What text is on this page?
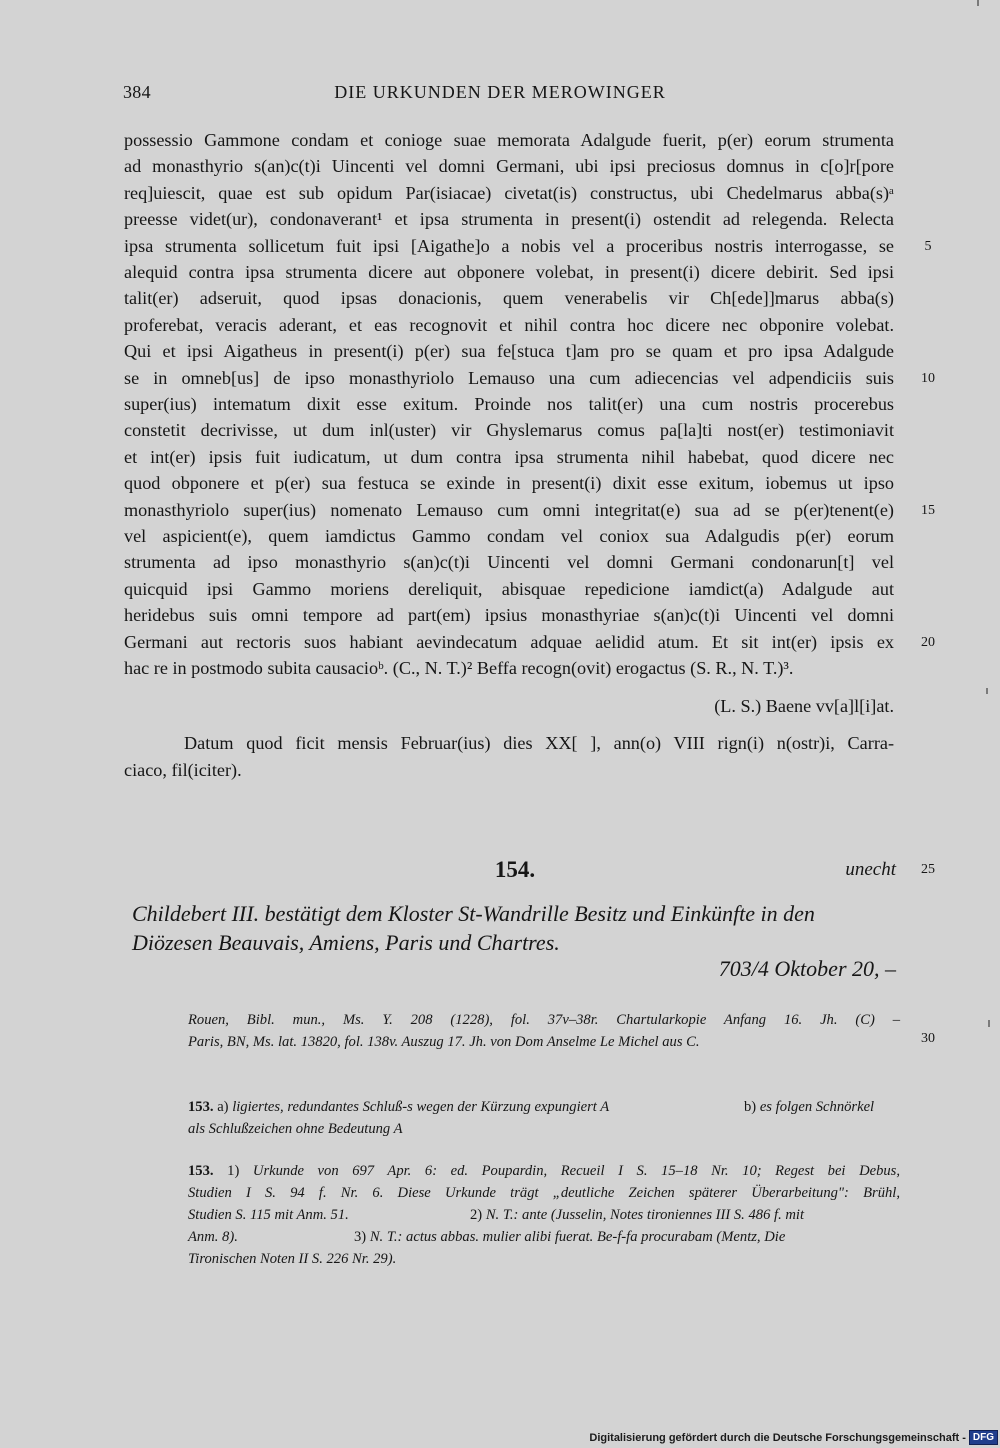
384	DIE URKUNDEN DER MEROWINGER
possessio Gammone condam et conioge suae memorata Adalgude fuerit, p(er) eorum strumenta
ad monasthyrio s(an)c(t)i Uincenti vel domni Germani, ubi ipsi preciosus domnus in c[o]r[pore
req]uiescit, quae est sub opidum Par(isiacae) civetat(is) constructus, ubi Chedelmarus abba(s)ᵃ
preesse videt(ur), condonaverant¹ et ipsa strumenta in present(i) ostendit ad relegenda. Relecta
ipsa strumenta sollicetum fuit ipsi [Aigathe]o a nobis vel a proceribus nostris interrogasse, se
alequid contra ipsa strumenta dicere aut obponere volebat, in present(i) dicere debirit. Sed ipsi
talit(er) adseruit, quod ipsas donacionis, quem venerabelis vir Ch[ede]]marus abba(s)
proferebat, veracis aderant, et eas recognovit et nihil contra hoc dicere nec obponire volebat.
Qui et ipsi Aigatheus in present(i) p(er) sua fe[stuca t]am pro se quam et pro ipsa Adalgude
se in omneb[us] de ipso monasthyriolo Lemauso una cum adiecencias vel adpendiciis suis
super(ius) intematum dixit esse exitum. Proinde nos talit(er) una cum nostris procerebus
constetit decrivisse, ut dum inl(uster) vir Ghyslemarus comus pa[la]ti nost(er) testimoniavit
et int(er) ipsis fuit iudicatum, ut dum contra ipsa strumenta nihil habebat, quod dicere nec
quod obponere et p(er) sua festuca se exinde in present(i) dixit esse exitum, iobemus ut ipso
monasthyriolo super(ius) nomenato Lemauso cum omni integritat(e) sua ad se p(er)tenent(e)
vel aspicient(e), quem iamdictus Gammo condam vel coniox sua Adalgudis p(er) eorum
strumenta ad ipso monasthyrio s(an)c(t)i Uincenti vel domni Germani condonarun[t] vel
quicquid ipsi Gammo moriens dereliquit, abisquae repedicione iamdict(a) Adalgude aut
heridebus suis omni tempore ad part(em) ipsius monasthyriae s(an)c(t)i Uincenti vel domni
Germani aut rectoris suos habiant aevindecatum adquae aelidid atum. Et sit int(er) ipsis ex
hac re in postmodo subita causacioᵇ. (C., N. T.)² Beffa recogn(ovit) erogactus (S. R., N. T.)³.
5
10
15
20
25
30
(L. S.) Baene vv[a]l[i]at.
Datum quod ficit mensis Februar(ius) dies XX[ ], ann(o) VIII rign(i) n(ostr)i, Carra-
ciaco, fil(iciter).
154.	unecht
Childebert III. bestätigt dem Kloster St-Wandrille Besitz und Einkünfte in den
Diözesen Beauvais, Amiens, Paris und Chartres.
703/4 Oktober 20, –
Rouen, Bibl. mun., Ms. Y. 208 (1228), fol. 37v–38r. Chartularkopie Anfang 16. Jh. (C) –
Paris, BN, Ms. lat. 13820, fol. 138v. Auszug 17. Jh. von Dom Anselme Le Michel aus C.
153. a) ligiertes, redundantes Schluß-s wegen der Kürzung expungiert A	b) es folgen Schnörkel
als Schlußzeichen ohne Bedeutung A
153. 1) Urkunde von 697 Apr. 6: ed. Poupardin, Recueil I S. 15–18 Nr. 10; Regest bei Debus,
Studien I S. 94 f. Nr. 6. Diese Urkunde trägt „deutliche Zeichen späterer Überarbeitung": Brühl,
Studien S. 115 mit Anm. 51.	2) N. T.: ante (Jusselin, Notes tironiennes III S. 486 f. mit
Anm. 8).	3) N. T.: actus abbas. mulier alibi fuerat. Be-f-fa procurabam (Mentz, Die
Tironischen Noten II S. 226 Nr. 29).
Digitalisierung gefördert durch die Deutsche Forschungsgemeinschaft - DFG
